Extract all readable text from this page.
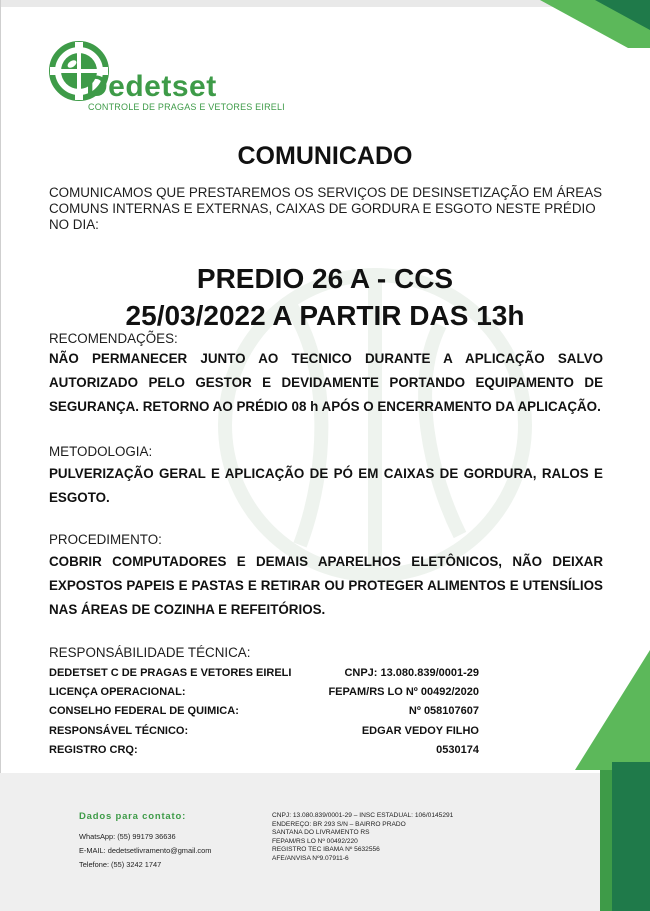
Dedetset
CONTROLE DE PRAGAS E VETORES EIRELI
COMUNICADO
COMUNICAMOS QUE PRESTAREMOS OS SERVIÇOS DE DESINSETIZAÇÃO EM ÁREAS COMUNS INTERNAS E EXTERNAS, CAIXAS DE GORDURA E ESGOTO NESTE PRÉDIO NO DIA:
PREDIO 26 A - CCS
25/03/2022 A PARTIR DAS 13h
RECOMENDAÇÕES:
NÃO PERMANECER JUNTO AO TECNICO DURANTE A APLICAÇÃO SALVO AUTORIZADO PELO GESTOR E DEVIDAMENTE PORTANDO EQUIPAMENTO DE SEGURANÇA. RETORNO AO PRÉDIO 08 h APÓS O ENCERRAMENTO DA APLICAÇÃO.
METODOLOGIA:
PULVERIZAÇÃO GERAL E APLICAÇÃO DE PÓ EM CAIXAS DE GORDURA, RALOS E ESGOTO.
PROCEDIMENTO:
COBRIR COMPUTADORES E DEMAIS APARELHOS ELETÔNICOS, NÃO DEIXAR EXPOSTOS PAPEIS E PASTAS E RETIRAR OU PROTEGER ALIMENTOS E UTENSÍLIOS NAS ÁREAS DE COZINHA E REFEITÓRIOS.
RESPONSÁBILIDADE TÉCNICA:
DEDETSET C DE PRAGAS E VETORES EIRELI	CNPJ: 13.080.839/0001-29
LICENÇA OPERACIONAL:	FEPAM/RS LO Nº 00492/2020
CONSELHO FEDERAL DE QUIMICA:	Nº 058107607
RESPONSÁVEL TÉCNICO:	EDGAR VEDOY FILHO
REGISTRO CRQ:	0530174
Dados para contato:
WhatsApp: (55) 99179 36636
E-MAIL: dedetsetlivramento@gmail.com
Telefone: (55) 3242 1747
CNPJ: 13.080.839/0001-29 – INSC ESTADUAL: 106/0145291
ENDEREÇO: BR 293 S/N – BAIRRO PRADO
SANTANA DO LIVRAMENTO RS
FEPAM/RS LO Nº 00492/220
REGISTRO TEC IBAMA Nº 5632556
AFE/ANVISA Nº9.07911-6
